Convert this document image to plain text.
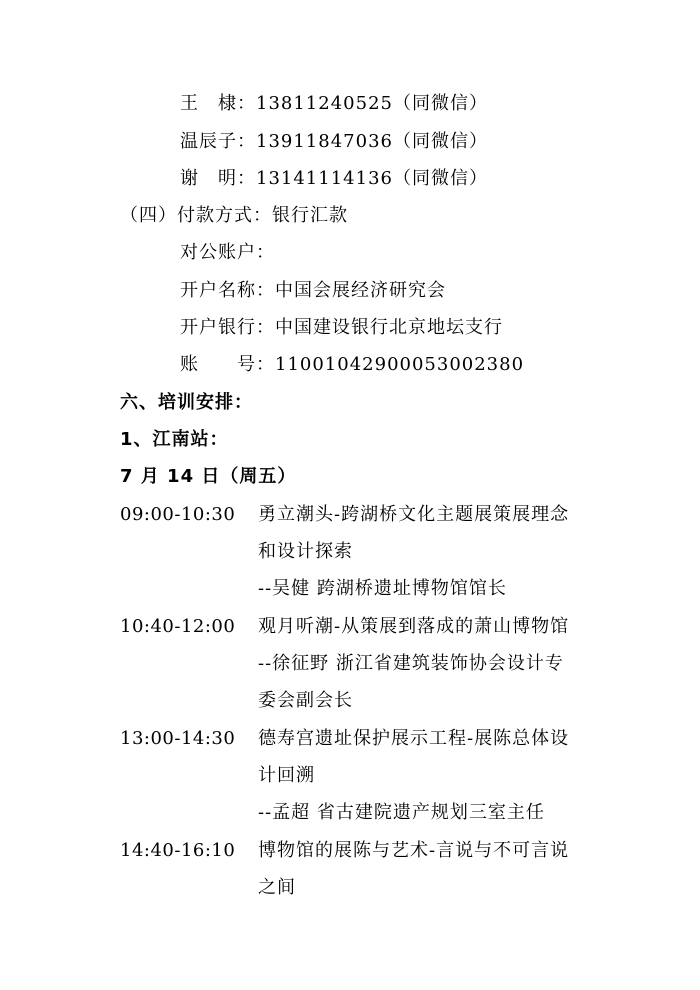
王　棣：13811240525（同微信）
温辰子：13911847036（同微信）
谢　明：13141114136（同微信）
（四）付款方式：银行汇款
对公账户：
开户名称：中国会展经济研究会
开户银行：中国建设银行北京地坛支行
账　　号：11001042900053002380
六、培训安排：
1、江南站：
7 月 14 日（周五）
09:00-10:30 勇立潮头-跨湖桥文化主题展策展理念
和设计探索
--吴健 跨湖桥遗址博物馆馆长
10:40-12:00 观月听潮-从策展到落成的萧山博物馆
--徐征野 浙江省建筑装饰协会设计专
委会副会长
13:00-14:30 德寿宫遗址保护展示工程-展陈总体设
计回溯
--孟超 省古建院遗产规划三室主任
14:40-16:10 博物馆的展陈与艺术-言说与不可言说
之间
